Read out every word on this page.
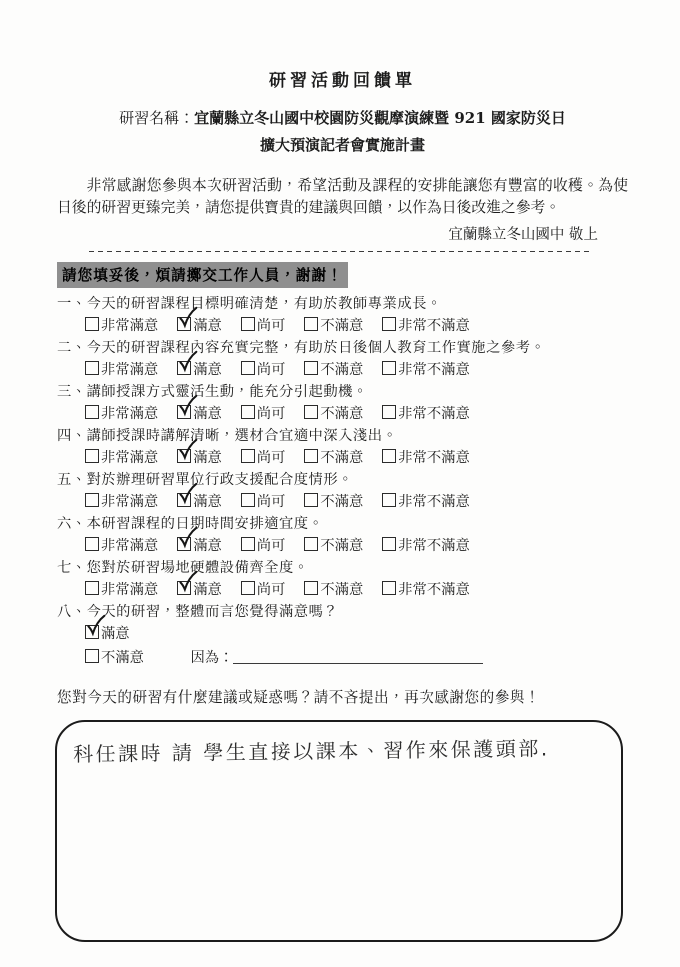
研習活動回饋單
研習名稱：宜蘭縣立冬山國中校園防災觀摩演練暨 921 國家防災日
擴大預演記者會實施計畫

非常感謝您參與本次研習活動，希望活動及課程的安排能讓您有豐富的收穫。為使日後的研習更臻完美，請您提供寶貴的建議與回饋，以作為日後改進之參考。

宜蘭縣立冬山國中 敬上
請您填妥後，煩請擲交工作人員，謝謝！
一、今天的研習課程目標明確清楚，有助於教師專業成長。
非常滿意 滿意 尚可 不滿意 非常不滿意
二、今天的研習課程內容充實完整，有助於日後個人教育工作實施之參考。
非常滿意 滿意 尚可 不滿意 非常不滿意
三、講師授課方式靈活生動，能充分引起動機。
非常滿意 滿意 尚可 不滿意 非常不滿意
四、講師授課時講解清晰，選材合宜適中深入淺出。
非常滿意 滿意 尚可 不滿意 非常不滿意
五、對於辦理研習單位行政支援配合度情形。
非常滿意 滿意 尚可 不滿意 非常不滿意
六、本研習課程的日期時間安排適宜度。
非常滿意 滿意 尚可 不滿意 非常不滿意
七、您對於研習場地硬體設備齊全度。
非常滿意 滿意 尚可 不滿意 非常不滿意
八、今天的研習，整體而言您覺得滿意嗎？
滿意
不滿意	因為：

您對今天的研習有什麼建議或疑惑嗎？請不吝提出，再次感謝您的參與！

科任課時 請 學生直接以課本、習作來保護頭部.
